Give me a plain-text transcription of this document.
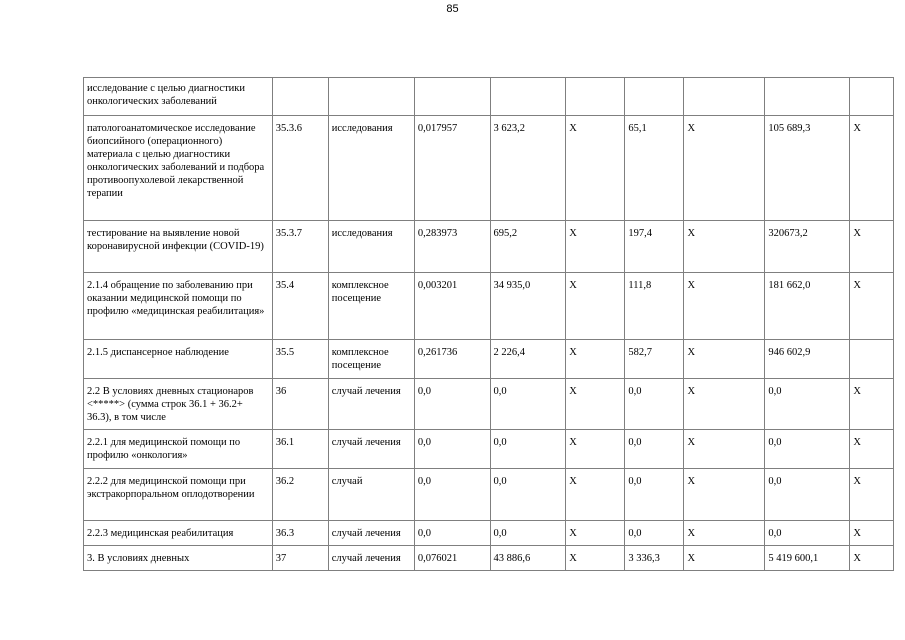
85
исследование с целью диагностики онкологических заболеваний									
патологоанатомическое исследование биопсийного (операционного) материала с целью диагностики онкологических заболеваний и подбора противоопухолевой лекарственной терапии	35.3.6	исследования	0,017957	3 623,2	X	65,1	X	105 689,3	X
тестирование на выявление новой коронавирусной инфекции (COVID-19)	35.3.7	исследования	0,283973	695,2	X	197,4	X	320673,2	X
2.1.4 обращение по заболеванию при оказании медицинской помощи по профилю «медицинская реабилитация»	35.4	комплексное посещение	0,003201	34 935,0	X	111,8	X	181 662,0	X
2.1.5 диспансерное наблюдение	35.5	комплексное посещение	0,261736	2 226,4	X	582,7	X	946 602,9	
2.2 В условиях дневных стационаров <*****> (сумма строк 36.1 + 36.2+ 36.3), в том числе	36	случай лечения	0,0	0,0	X	0,0	X	0,0	X
2.2.1 для медицинской помощи по профилю «онкология»	36.1	случай лечения	0,0	0,0	X	0,0	X	0,0	X
2.2.2 для медицинской помощи при экстракорпоральном оплодотворении	36.2	случай	0,0	0,0	X	0,0	X	0,0	X
2.2.3 медицинская реабилитация	36.3	случай лечения	0,0	0,0	X	0,0	X	0,0	X
3. В условиях дневных	37	случай лечения	0,076021	43 886,6	X	3 336,3	X	5 419 600,1	X
